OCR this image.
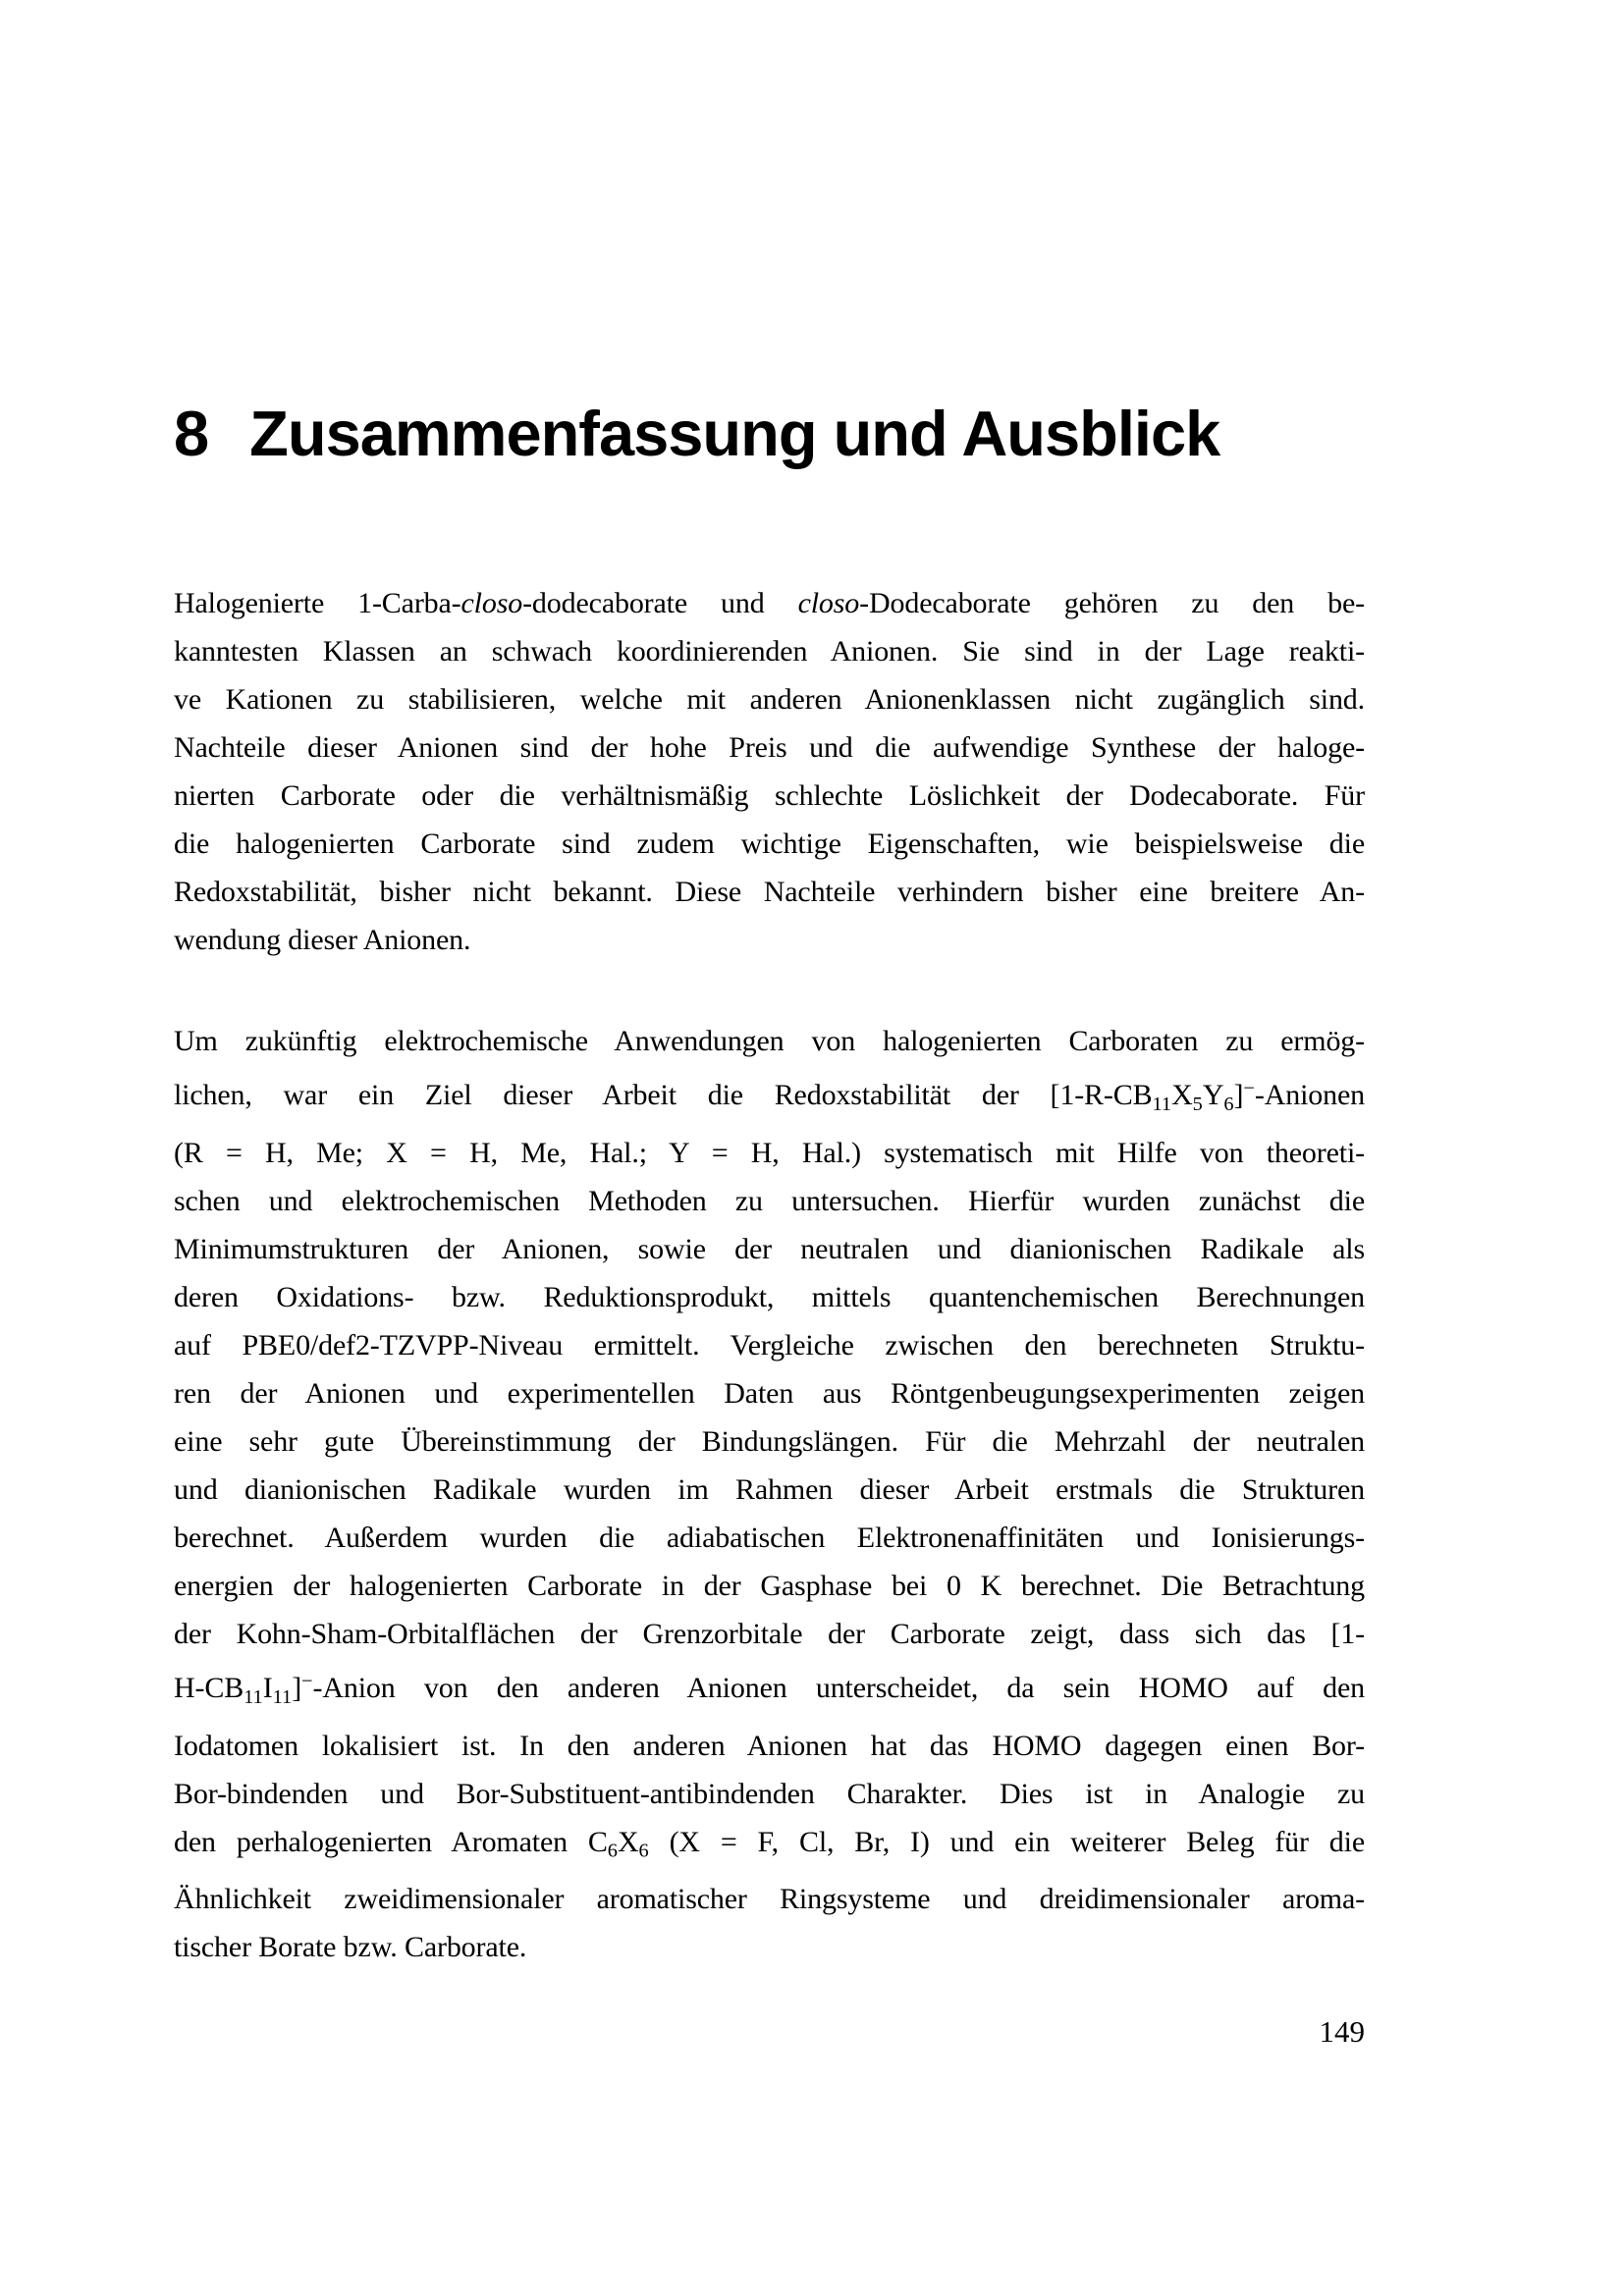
8 Zusammenfassung und Ausblick
Halogenierte 1-Carba-closo-dodecaborate und closo-Dodecaborate gehören zu den be-
kanntesten Klassen an schwach koordinierenden Anionen. Sie sind in der Lage reakti-
ve Kationen zu stabilisieren, welche mit anderen Anionenklassen nicht zugänglich sind.
Nachteile dieser Anionen sind der hohe Preis und die aufwendige Synthese der haloge-
nierten Carborate oder die verhältnismäßig schlechte Löslichkeit der Dodecaborate. Für
die halogenierten Carborate sind zudem wichtige Eigenschaften, wie beispielsweise die
Redoxstabilität, bisher nicht bekannt. Diese Nachteile verhindern bisher eine breitere An-
wendung dieser Anionen.
Um zukünftig elektrochemische Anwendungen von halogenierten Carboraten zu ermög-
lichen, war ein Ziel dieser Arbeit die Redoxstabilität der $[1-R-CB_{11}X_5Y_6]^-$-Anionen
(R = H, Me; X = H, Me, Hal.; Y = H, Hal.) systematisch mit Hilfe von theoreti-
schen und elektrochemischen Methoden zu untersuchen. Hierfür wurden zunächst die
Minimumstrukturen der Anionen, sowie der neutralen und dianionischen Radikale als
deren Oxidations- bzw. Reduktionsprodukt, mittels quantenchemischen Berechnungen
auf PBE0/def2-TZVPP-Niveau ermittelt. Vergleiche zwischen den berechneten Struktu-
ren der Anionen und experimentellen Daten aus Röntgenbeugungsexperimenten zeigen
eine sehr gute Übereinstimmung der Bindungslängen. Für die Mehrzahl der neutralen
und dianionischen Radikale wurden im Rahmen dieser Arbeit erstmals die Strukturen
berechnet. Außerdem wurden die adiabatischen Elektronenaffinitäten und Ionisierungs-
energien der halogenierten Carborate in der Gasphase bei 0 K berechnet. Die Betrachtung
der Kohn-Sham-Orbitalflächen der Grenzorbitale der Carborate zeigt, dass sich das [1-
$H-CB_{11}I_{11}]^-$-Anion von den anderen Anionen unterscheidet, da sein HOMO auf den
Iodatomen lokalisiert ist. In den anderen Anionen hat das HOMO dagegen einen Bor-
Bor-bindenden und Bor-Substituent-antibindenden Charakter. Dies ist in Analogie zu
den perhalogenierten Aromaten $C_6X_6$ (X = F, Cl, Br, I) und ein weiterer Beleg für die
Ähnlichkeit zweidimensionaler aromatischer Ringsysteme und dreidimensionaler aroma-
tischer Borate bzw. Carborate.
149
